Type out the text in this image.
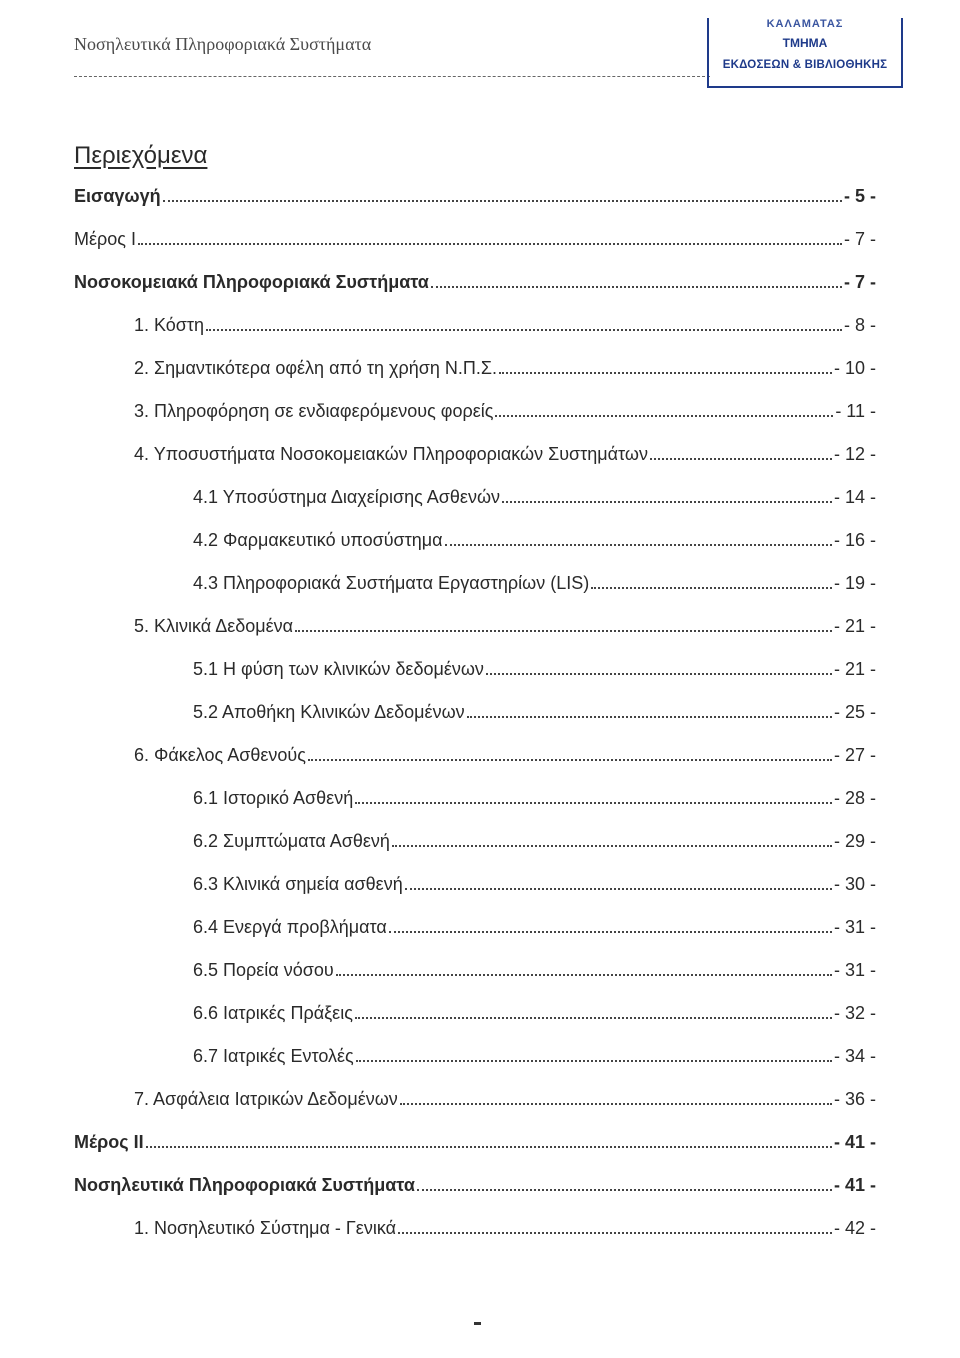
Νοσηλευτικά Πληροφοριακά Συστήματα
ΚΑΛΑΜΑΤΑΣ
ΤΜΗΜΑ
ΕΚΔΟΣΕΩΝ & ΒΙΒΛΙΟΘΗΚΗΣ
Περιεχόμενα
Εισαγωγή	- 5 -
Μέρος Ι	- 7 -
Νοσοκομειακά Πληροφοριακά Συστήματα	- 7 -
1. Κόστη	- 8 -
2. Σημαντικότερα οφέλη από τη χρήση Ν.Π.Σ.	- 10 -
3. Πληροφόρηση σε ενδιαφερόμενους φορείς	- 11 -
4. Υποσυστήματα Νοσοκομειακών Πληροφοριακών Συστημάτων	- 12 -
4.1 Υποσύστημα Διαχείρισης Ασθενών	- 14 -
4.2 Φαρμακευτικό υποσύστημα	- 16 -
4.3 Πληροφοριακά Συστήματα Εργαστηρίων (LIS)	- 19 -
5. Κλινικά Δεδομένα	- 21 -
5.1 Η φύση των κλινικών δεδομένων	- 21 -
5.2 Αποθήκη Κλινικών Δεδομένων	- 25 -
6. Φάκελος Ασθενούς	- 27 -
6.1 Ιστορικό Ασθενή	- 28 -
6.2 Συμπτώματα Ασθενή	- 29 -
6.3 Κλινικά σημεία ασθενή	- 30 -
6.4 Ενεργά προβλήματα	- 31 -
6.5 Πορεία νόσου	- 31 -
6.6 Ιατρικές Πράξεις	- 32 -
6.7 Ιατρικές Εντολές	- 34 -
7. Ασφάλεια Ιατρικών Δεδομένων	- 36 -
Μέρος ΙΙ	- 41 -
Νοσηλευτικά Πληροφοριακά Συστήματα	- 41 -
1. Νοσηλευτικό Σύστημα - Γενικά	- 42 -
